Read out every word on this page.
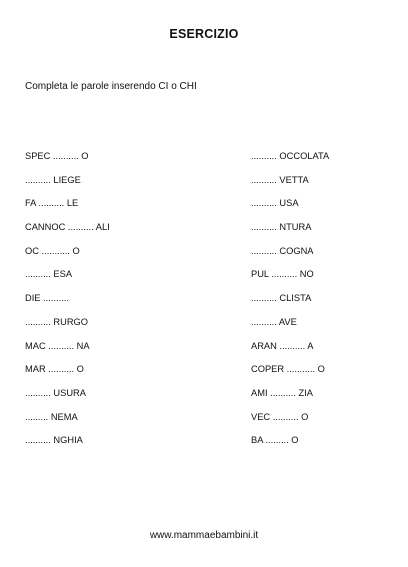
ESERCIZIO
Completa le parole inserendo CI o CHI
SPEC .......... O
.......... LIEGE
FA .......... LE
CANNOC .......... ALI
OC ........... O
.......... ESA
DIE ..........
.......... RURGO
MAC .......... NA
MAR .......... O
.......... USURA
......... NEMA
.......... NGHIA
.......... OCCOLATA
.......... VETTA
.......... USA
.......... NTURA
.......... COGNA
PUL .......... NO
.......... CLISTA
.......... AVE
ARAN .......... A
COPER ........... O
AMI .......... ZIA
VEC .......... O
BA ......... O
www.mammaebambini.it
